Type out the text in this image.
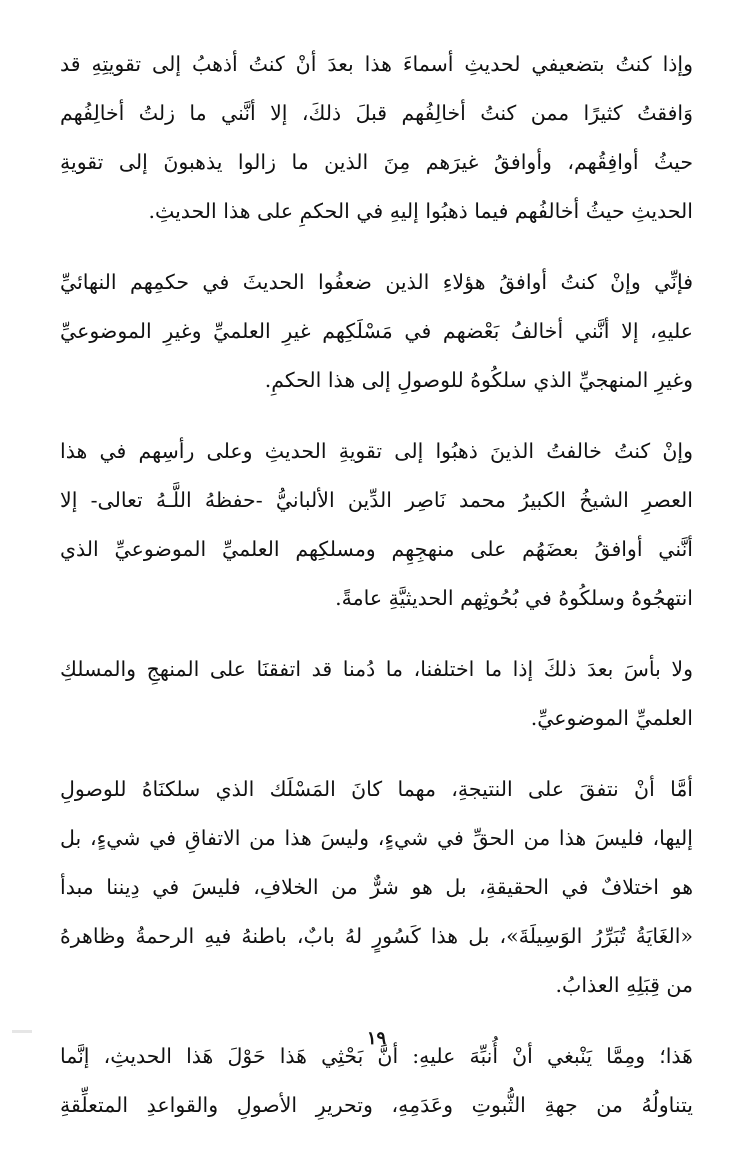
وإذا كنتُ بتضعيفي لحديثِ أسماءَ هذا بعدَ أنْ كنتُ أذهبُ إلى تقويتِهِ قد
وَافقتُ كثيرًا ممن كنتُ أخالِفُهم قبلَ ذلكَ، إلا أنَّني ما زلتُ أخالِفُهم
حيثُ أوافِقُهم، وأوافقُ غيرَهم مِنَ الذين ما زالوا يذهبونَ إلى تقويةِ
الحديثِ حيثُ أخالفُهم فيما ذهبُوا إليهِ في الحكمِ على هذا الحديثِ.

فإنِّي وإنْ كنتُ أوافقُ هؤلاءِ الذين ضعفُوا الحديثَ في حكمِهم النهائيِّ
عليهِ، إلا أنَّني أخالفُ بَعْضهم في مَسْلَكِهم غيرِ العلميِّ وغيرِ الموضوعيِّ
وغيرِ المنهجيِّ الذي سلكُوهُ للوصولِ إلى هذا الحكمِ.

وإنْ كنتُ خالفتُ الذينَ ذهبُوا إلى تقويةِ الحديثِ وعلى رأسِهم في هذا
العصرِ الشيخُ الكبيرُ محمد نَاصِر الدِّين الألبانيُّ -حفظهُ اللَّـهُ تعالى- إلا
أنَّني أوافقُ بعضَهُم على منهجِهِم ومسلكِهم العلميِّ الموضوعيِّ الذي
انتهجُوهُ وسلكُوهُ في بُحُوثِهم الحديثيَّةِ عامةً.

ولا بأسَ بعدَ ذلكَ إذا ما اختلفنا، ما دُمنا قد اتفقنَا على المنهجِ والمسلكِ
العلميِّ الموضوعيِّ.

أمَّا أنْ نتفقَ على النتيجةِ، مهما كانَ المَسْلَك الذي سلكنَاهُ للوصولِ
إليها، فليسَ هذا من الحقِّ في شيءٍ، وليسَ هذا من الاتفاقِ في شيءٍ، بل
هو اختلافٌ في الحقيقةِ، بل هو شرٌّ من الخلافِ، فليسَ في دِيننا مبدأ
«الغَايَةُ تُبَرِّرُ الوَسِيلَةَ»، بل هذا كَسُورٍ لهُ بابٌ، باطنهُ فيهِ الرحمةُ وظاهرهُ
من قِبَلِهِ العذابُ.

هَذا؛ ومِمَّا يَنْبغي أنْ أُنبِّهَ عليهِ: أنَّ بَحْثِي هَذا حَوْلَ هَذا الحديثِ، إنَّما
يتناولُهُ من جهةِ الثُّبوتِ وعَدَمِهِ، وتحريرِ الأصولِ والقواعدِ المتعلِّقةِ

١٩
